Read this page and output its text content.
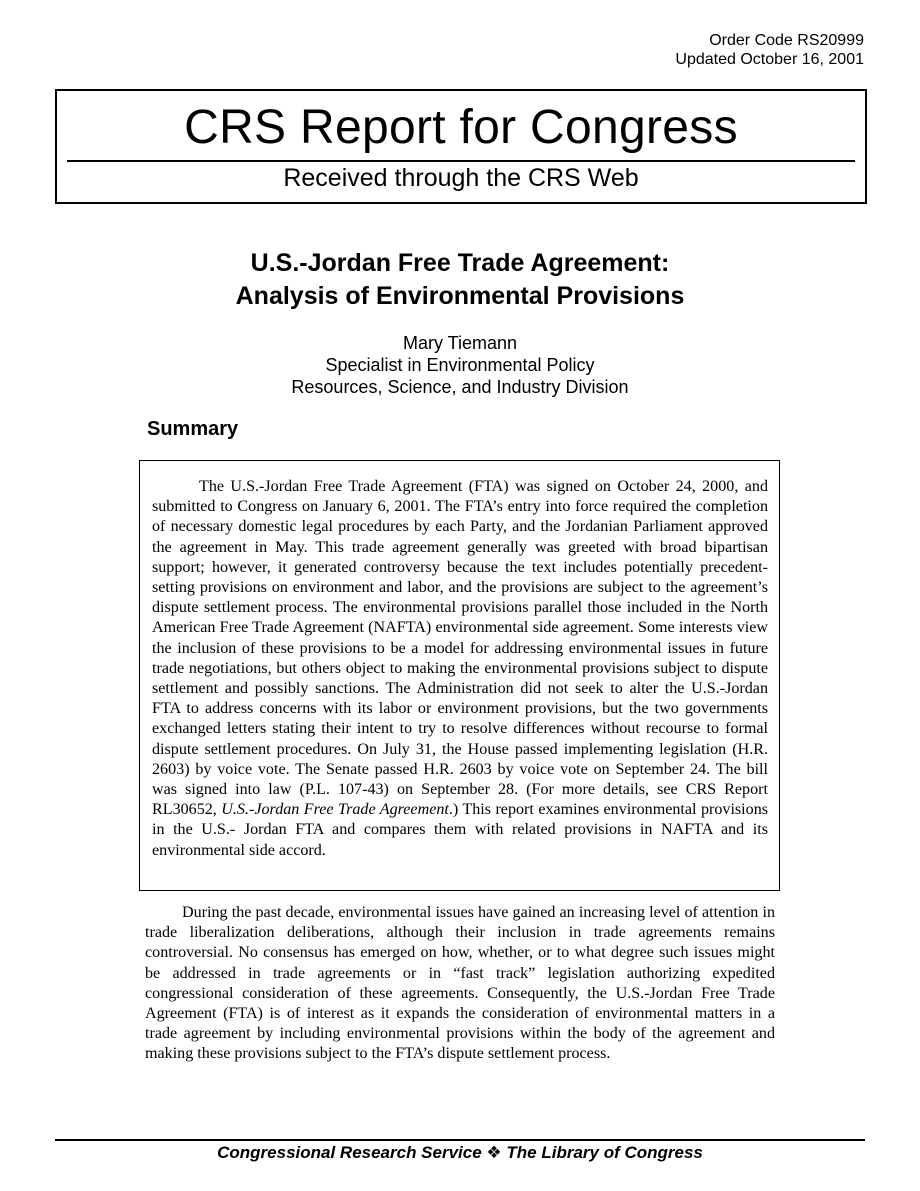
Order Code RS20999
Updated October 16, 2001
CRS Report for Congress
Received through the CRS Web
U.S.-Jordan Free Trade Agreement:
Analysis of Environmental Provisions
Mary Tiemann
Specialist in Environmental Policy
Resources, Science, and Industry Division
Summary

The U.S.-Jordan Free Trade Agreement (FTA) was signed on October 24, 2000, and submitted to Congress on January 6, 2001. The FTA’s entry into force required the completion of necessary domestic legal procedures by each Party, and the Jordanian Parliament approved the agreement in May. This trade agreement generally was greeted with broad bipartisan support; however, it generated controversy because the text includes potentially precedent-setting provisions on environment and labor, and the provisions are subject to the agreement’s dispute settlement process. The environmental provisions parallel those included in the North American Free Trade Agreement (NAFTA) environmental side agreement. Some interests view the inclusion of these provisions to be a model for addressing environmental issues in future trade negotiations, but others object to making the environmental provisions subject to dispute settlement and possibly sanctions. The Administration did not seek to alter the U.S.-Jordan FTA to address concerns with its labor or environment provisions, but the two governments exchanged letters stating their intent to try to resolve differences without recourse to formal dispute settlement procedures. On July 31, the House passed implementing legislation (H.R. 2603) by voice vote. The Senate passed H.R. 2603 by voice vote on September 24. The bill was signed into law (P.L. 107-43) on September 28. (For more details, see CRS Report RL30652, U.S.-Jordan Free Trade Agreement.) This report examines environmental provisions in the U.S.- Jordan FTA and compares them with related provisions in NAFTA and its environmental side accord.

During the past decade, environmental issues have gained an increasing level of attention in trade liberalization deliberations, although their inclusion in trade agreements remains controversial. No consensus has emerged on how, whether, or to what degree such issues might be addressed in trade agreements or in “fast track” legislation authorizing expedited congressional consideration of these agreements. Consequently, the U.S.-Jordan Free Trade Agreement (FTA) is of interest as it expands the consideration of environmental matters in a trade agreement by including environmental provisions within the body of the agreement and making these provisions subject to the FTA’s dispute settlement process.

Congressional Research Service ❖ The Library of Congress
